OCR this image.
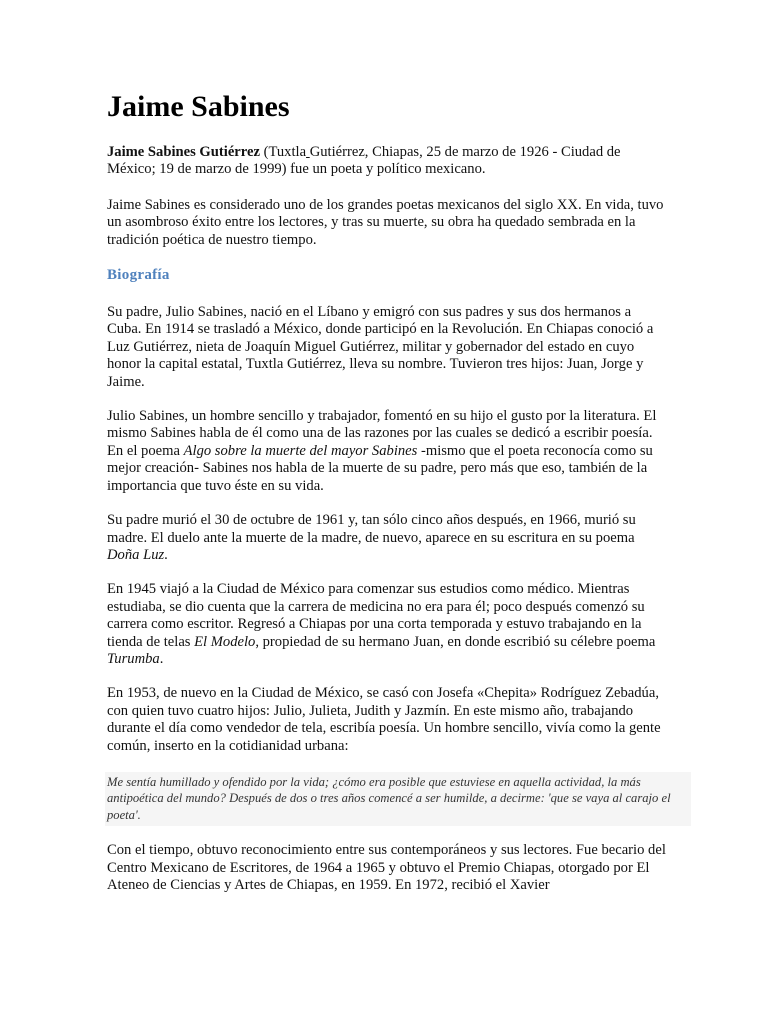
Jaime Sabines

Jaime Sabines Gutiérrez (Tuxtla Gutiérrez, Chiapas, 25 de marzo de 1926 - Ciudad de México; 19 de marzo de 1999) fue un poeta y político mexicano.

Jaime Sabines es considerado uno de los grandes poetas mexicanos del siglo XX. En vida, tuvo un asombroso éxito entre los lectores, y tras su muerte, su obra ha quedado sembrada en la tradición poética de nuestro tiempo.

Biografía

Su padre, Julio Sabines, nació en el Líbano y emigró con sus padres y sus dos hermanos a Cuba. En 1914 se trasladó a México, donde participó en la Revolución. En Chiapas conoció a Luz Gutiérrez, nieta de Joaquín Miguel Gutiérrez, militar y gobernador del estado en cuyo honor la capital estatal, Tuxtla Gutiérrez, lleva su nombre. Tuvieron tres hijos: Juan, Jorge y Jaime.

Julio Sabines, un hombre sencillo y trabajador, fomentó en su hijo el gusto por la literatura. El mismo Sabines habla de él como una de las razones por las cuales se dedicó a escribir poesía. En el poema Algo sobre la muerte del mayor Sabines -mismo que el poeta reconocía como su mejor creación- Sabines nos habla de la muerte de su padre, pero más que eso, también de la importancia que tuvo éste en su vida.

Su padre murió el 30 de octubre de 1961 y, tan sólo cinco años después, en 1966, murió su madre. El duelo ante la muerte de la madre, de nuevo, aparece en su escritura en su poema Doña Luz.

En 1945 viajó a la Ciudad de México para comenzar sus estudios como médico. Mientras estudiaba, se dio cuenta que la carrera de medicina no era para él; poco después comenzó su carrera como escritor. Regresó a Chiapas por una corta temporada y estuvo trabajando en la tienda de telas El Modelo, propiedad de su hermano Juan, en donde escribió su célebre poema Turumba.

En 1953, de nuevo en la Ciudad de México, se casó con Josefa «Chepita» Rodríguez Zebadúa, con quien tuvo cuatro hijos: Julio, Julieta, Judith y Jazmín. En este mismo año, trabajando durante el día como vendedor de tela, escribía poesía. Un hombre sencillo, vivía como la gente común, inserto en la cotidianidad urbana:

Me sentía humillado y ofendido por la vida; ¿cómo era posible que estuviese en aquella actividad, la más antipoética del mundo? Después de dos o tres años comencé a ser humilde, a decirme: 'que se vaya al carajo el poeta'.

Con el tiempo, obtuvo reconocimiento entre sus contemporáneos y sus lectores. Fue becario del Centro Mexicano de Escritores, de 1964 a 1965 y obtuvo el Premio Chiapas, otorgado por El Ateneo de Ciencias y Artes de Chiapas, en 1959. En 1972, recibió el Xavier
